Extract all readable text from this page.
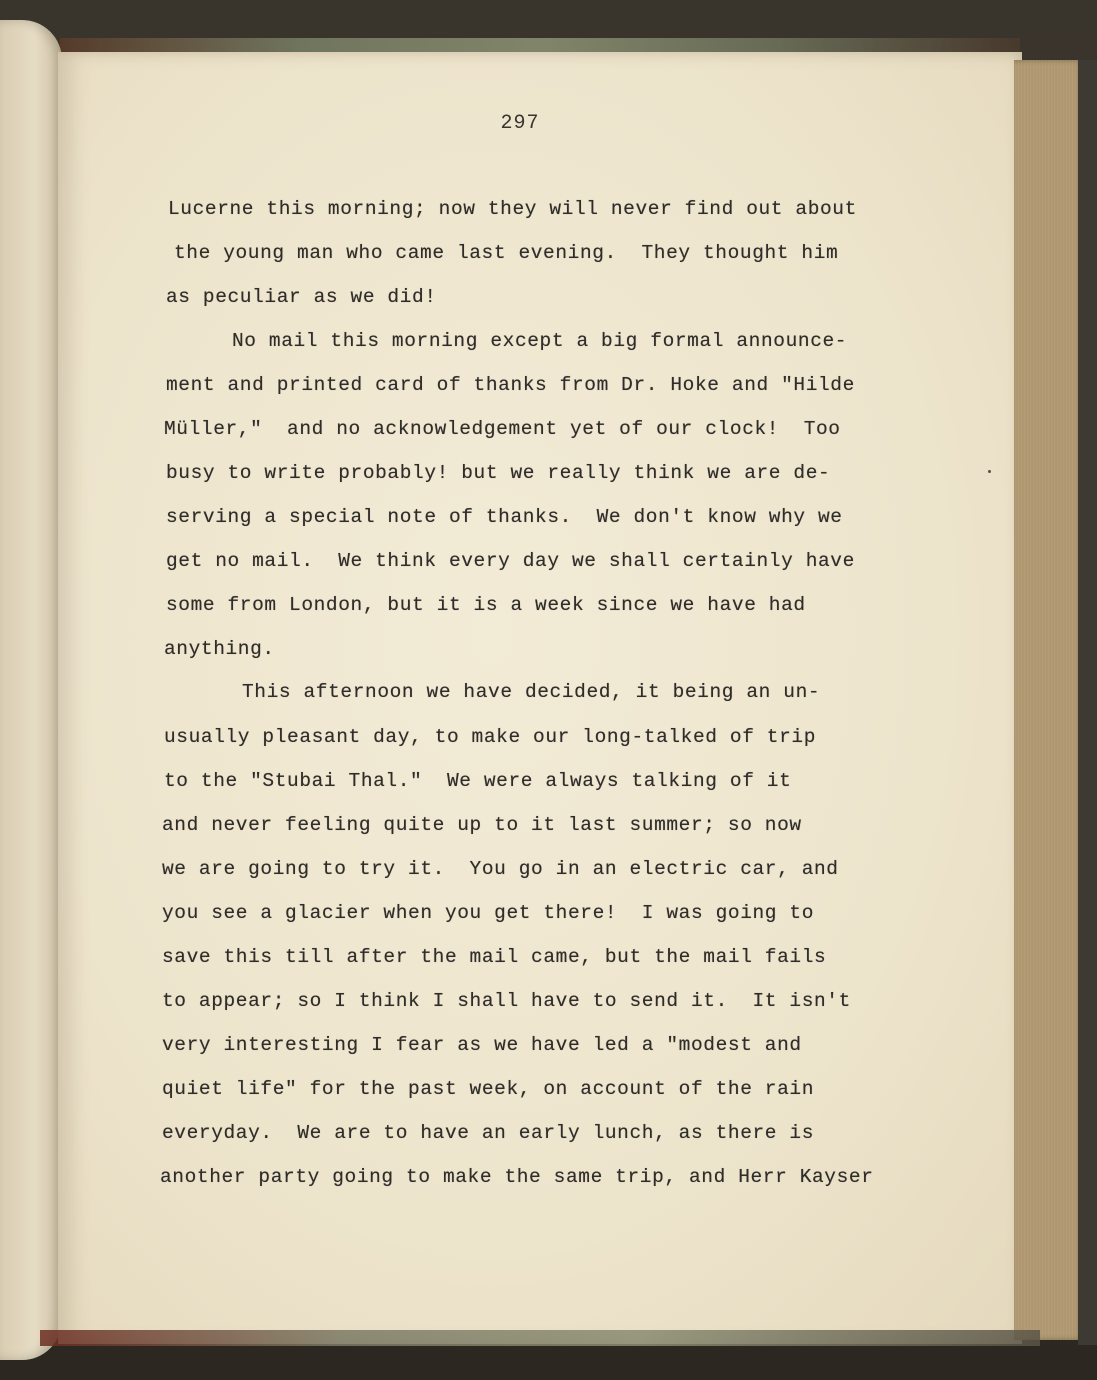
297
Lucerne this morning; now they will never find out about
the young man who came last evening.  They thought him
as peculiar as we did!
No mail this morning except a big formal announce-
ment and printed card of thanks from Dr. Hoke and "Hilde
Müller,"  and no acknowledgement yet of our clock!  Too
busy to write probably! but we really think we are de-
serving a special note of thanks.  We don't know why we
get no mail.  We think every day we shall certainly have
some from London, but it is a week since we have had
anything.
This afternoon we have decided, it being an un-
usually pleasant day, to make our long-talked of trip
to the "Stubai Thal."  We were always talking of it
and never feeling quite up to it last summer; so now
we are going to try it.  You go in an electric car, and
you see a glacier when you get there!  I was going to
save this till after the mail came, but the mail fails
to appear; so I think I shall have to send it.  It isn't
very interesting I fear as we have led a "modest and
quiet life" for the past week, on account of the rain
everyday.  We are to have an early lunch, as there is
another party going to make the same trip, and Herr Kayser
